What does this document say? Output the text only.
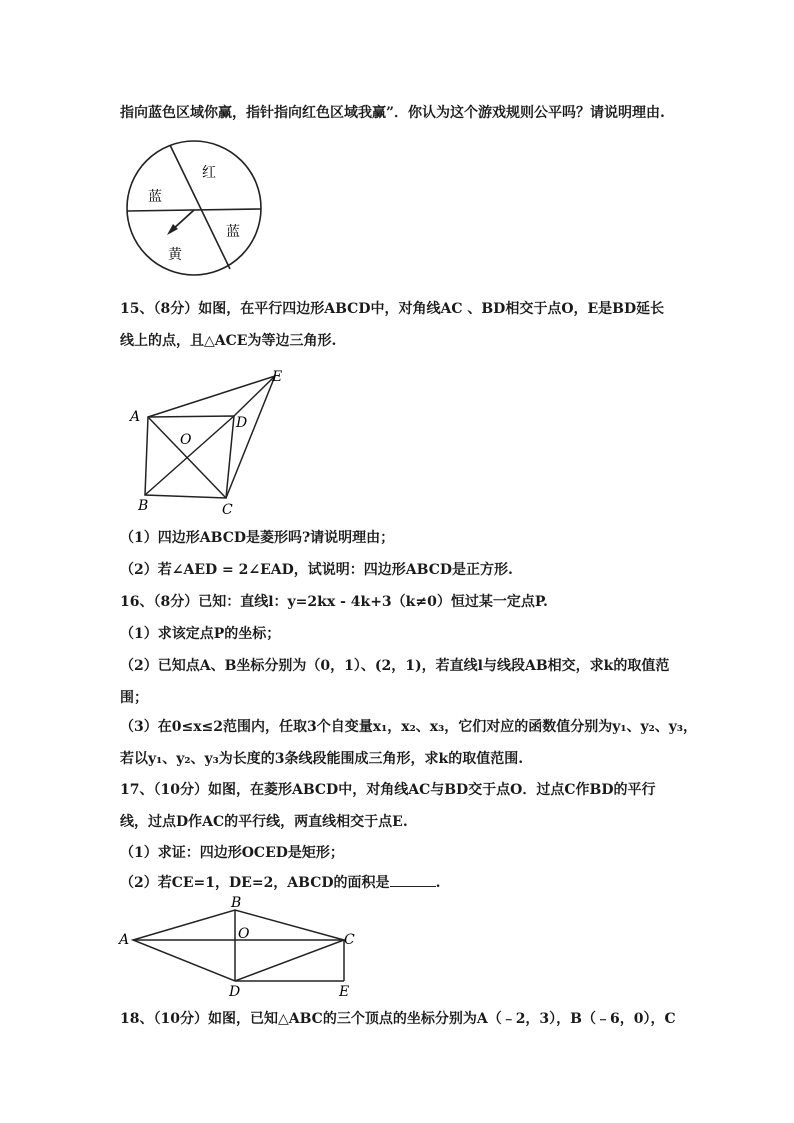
指向蓝色区域你赢，指针指向红色区域我赢”．你认为这个游戏规则公平吗？请说明理由.
红
蓝
蓝
黄
15、（8分）如图，在平行四边形ABCD中，对角线AC 、BD相交于点O，E是BD延长
线上的点，且△ACE为等边三角形.
A
B	C
D
E
O
（1）四边形ABCD是菱形吗?请说明理由；
（2）若∠AED = 2∠EAD，试说明：四边形ABCD是正方形.
16、（8分）已知：直线l：y=2kx - 4k+3（k≠0）恒过某一定点P.
（1）求该定点P的坐标；
（2）已知点A、B坐标分别为（0，1）、(2，1)，若直线l与线段AB相交，求k的取值范
围；
（3）在0≤x≤2范围内，任取3个自变量x₁，x₂、x₃，它们对应的函数值分别为y₁、y₂、y₃，
若以y₁、y₂、y₃为长度的3条线段能围成三角形，求k的取值范围.
17、（10分）如图，在菱形ABCD中，对角线AC与BD交于点O．过点C作BD的平行
线，过点D作AC的平行线，两直线相交于点E.
（1）求证：四边形OCED是矩形；
（2）若CE=1，DE=2，ABCD的面积是	.
A
B
C
D	E
O
18、（10分）如图，已知△ABC的三个顶点的坐标分别为A（﹣2，3），B（﹣6，0），C
